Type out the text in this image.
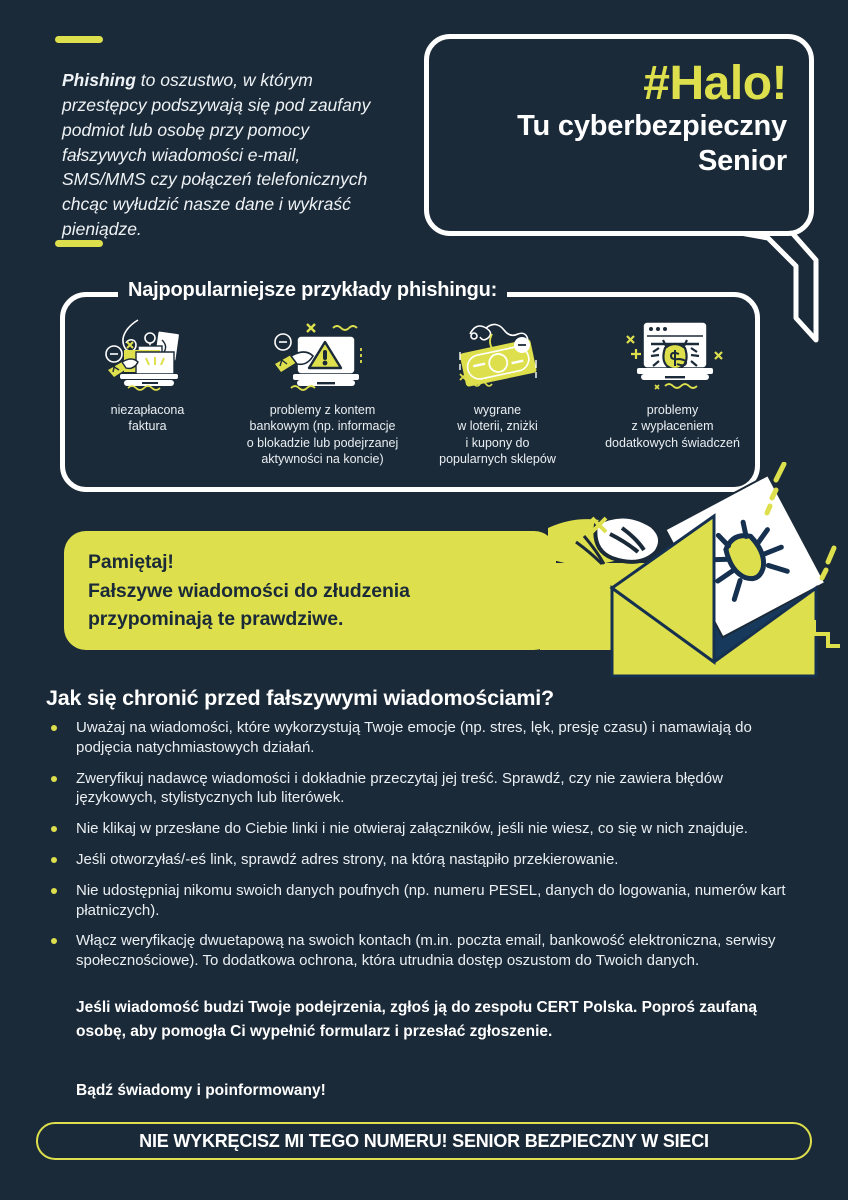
Phishing to oszustwo, w którym przestępcy podszywają się pod zaufany podmiot lub osobę przy pomocy fałszywych wiadomości e-mail, SMS/MMS czy połączeń telefonicznych chcąc wyłudzić nasze dane i wykraść pieniądze.
#Halo!
Tu cyberbezpieczny
Senior
Najpopularniejsze przykłady phishingu:
niezapłacona
faktura
problemy z kontem
bankowym (np. informacje
o blokadzie lub podejrzanej
aktywności na koncie)
wygrane
w loterii, zniżki
i kupony do
popularnych sklepów
problemy
z wypłaceniem
dodatkowych świadczeń
Pamiętaj!
Fałszywe wiadomości do złudzenia
przypominają te prawdziwe.
Jak się chronić przed fałszywymi wiadomościami?
Uważaj na wiadomości, które wykorzystują Twoje emocje (np. stres, lęk, presję czasu) i namawiają do podjęcia natychmiastowych działań.
Zweryfikuj nadawcę wiadomości i dokładnie przeczytaj jej treść. Sprawdź, czy nie zawiera błędów językowych, stylistycznych lub literówek.
Nie klikaj w przesłane do Ciebie linki i nie otwieraj załączników, jeśli nie wiesz, co się w nich znajduje.
Jeśli otworzyłaś/-eś link, sprawdź adres strony, na którą nastąpiło przekierowanie.
Nie udostępniaj nikomu swoich danych poufnych (np. numeru PESEL, danych do logowania, numerów kart płatniczych).
Włącz weryfikację dwuetapową na swoich kontach (m.in. poczta email, bankowość elektroniczna, serwisy społecznościowe). To dodatkowa ochrona, która utrudnia dostęp oszustom do Twoich danych.
Jeśli wiadomość budzi Twoje podejrzenia, zgłoś ją do zespołu CERT Polska. Poproś zaufaną osobę, aby pomogła Ci wypełnić formularz i przesłać zgłoszenie.
Bądź świadomy i poinformowany!
NIE WYKRĘCISZ MI TEGO NUMERU! SENIOR BEZPIECZNY W SIECI
